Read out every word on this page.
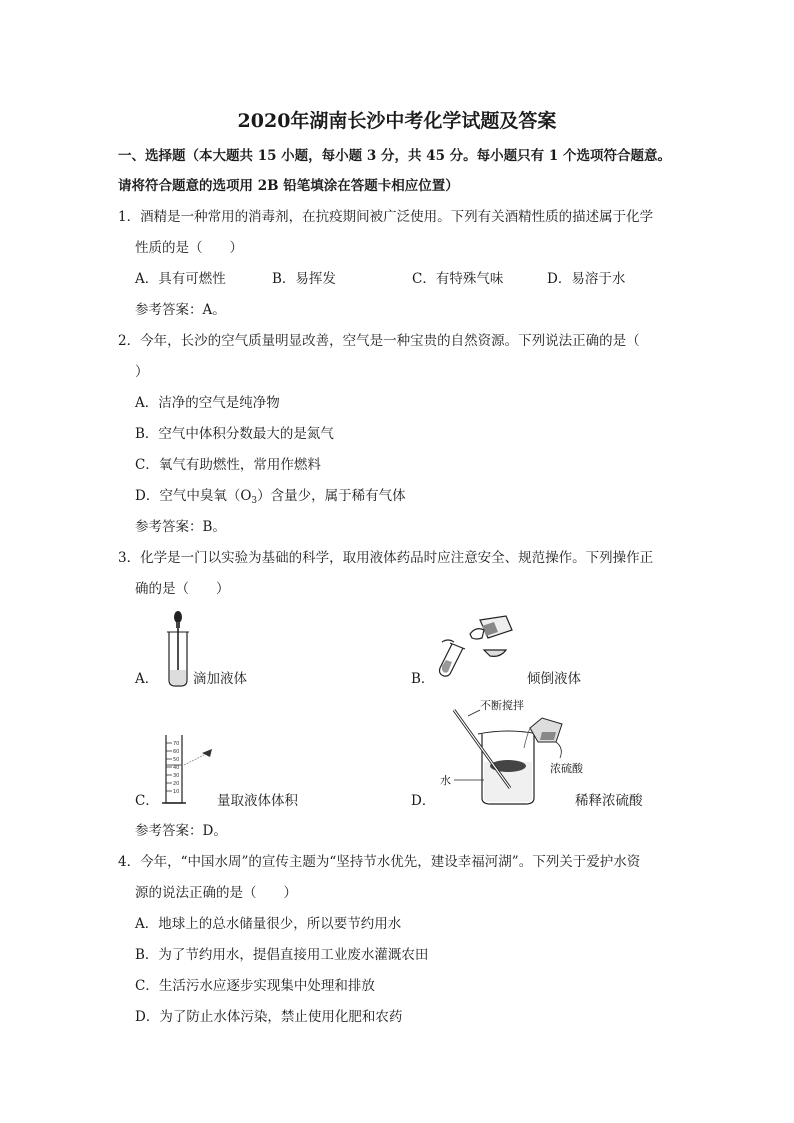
2020年湖南长沙中考化学试题及答案
一、选择题（本大题共 15 小题，每小题 3 分，共 45 分。每小题只有 1 个选项符合题意。
请将符合题意的选项用 2B 铅笔填涂在答题卡相应位置）
1．酒精是一种常用的消毒剂，在抗疫期间被广泛使用。下列有关酒精性质的描述属于化学
性质的是（　　）
A．具有可燃性	B．易挥发	C．有特殊气味	D．易溶于水
参考答案：A。
2．今年，长沙的空气质量明显改善，空气是一种宝贵的自然资源。下列说法正确的是（
）
A．洁净的空气是纯净物
B．空气中体积分数最大的是氮气
C．氧气有助燃性，常用作燃料
D．空气中臭氧$(O_3)$含量少，属于稀有气体
参考答案：B。
3．化学是一门以实验为基础的科学，取用液体药品时应注意安全、规范操作。下列操作正
确的是（　　）
A．	滴加液体	B．	倾倒液体
70
60
50
40
30
20
10
C．	量取液体体积
不断搅拌
水
浓硫酸
D．	稀释浓硫酸
参考答案：D。
4．今年，“中国水周”的宣传主题为“坚持节水优先，建设幸福河湖”。下列关于爱护水资
源的说法正确的是（　　）
A．地球上的总水储量很少，所以要节约用水
B．为了节约用水，提倡直接用工业废水灌溉农田
C．生活污水应逐步实现集中处理和排放
D．为了防止水体污染，禁止使用化肥和农药
